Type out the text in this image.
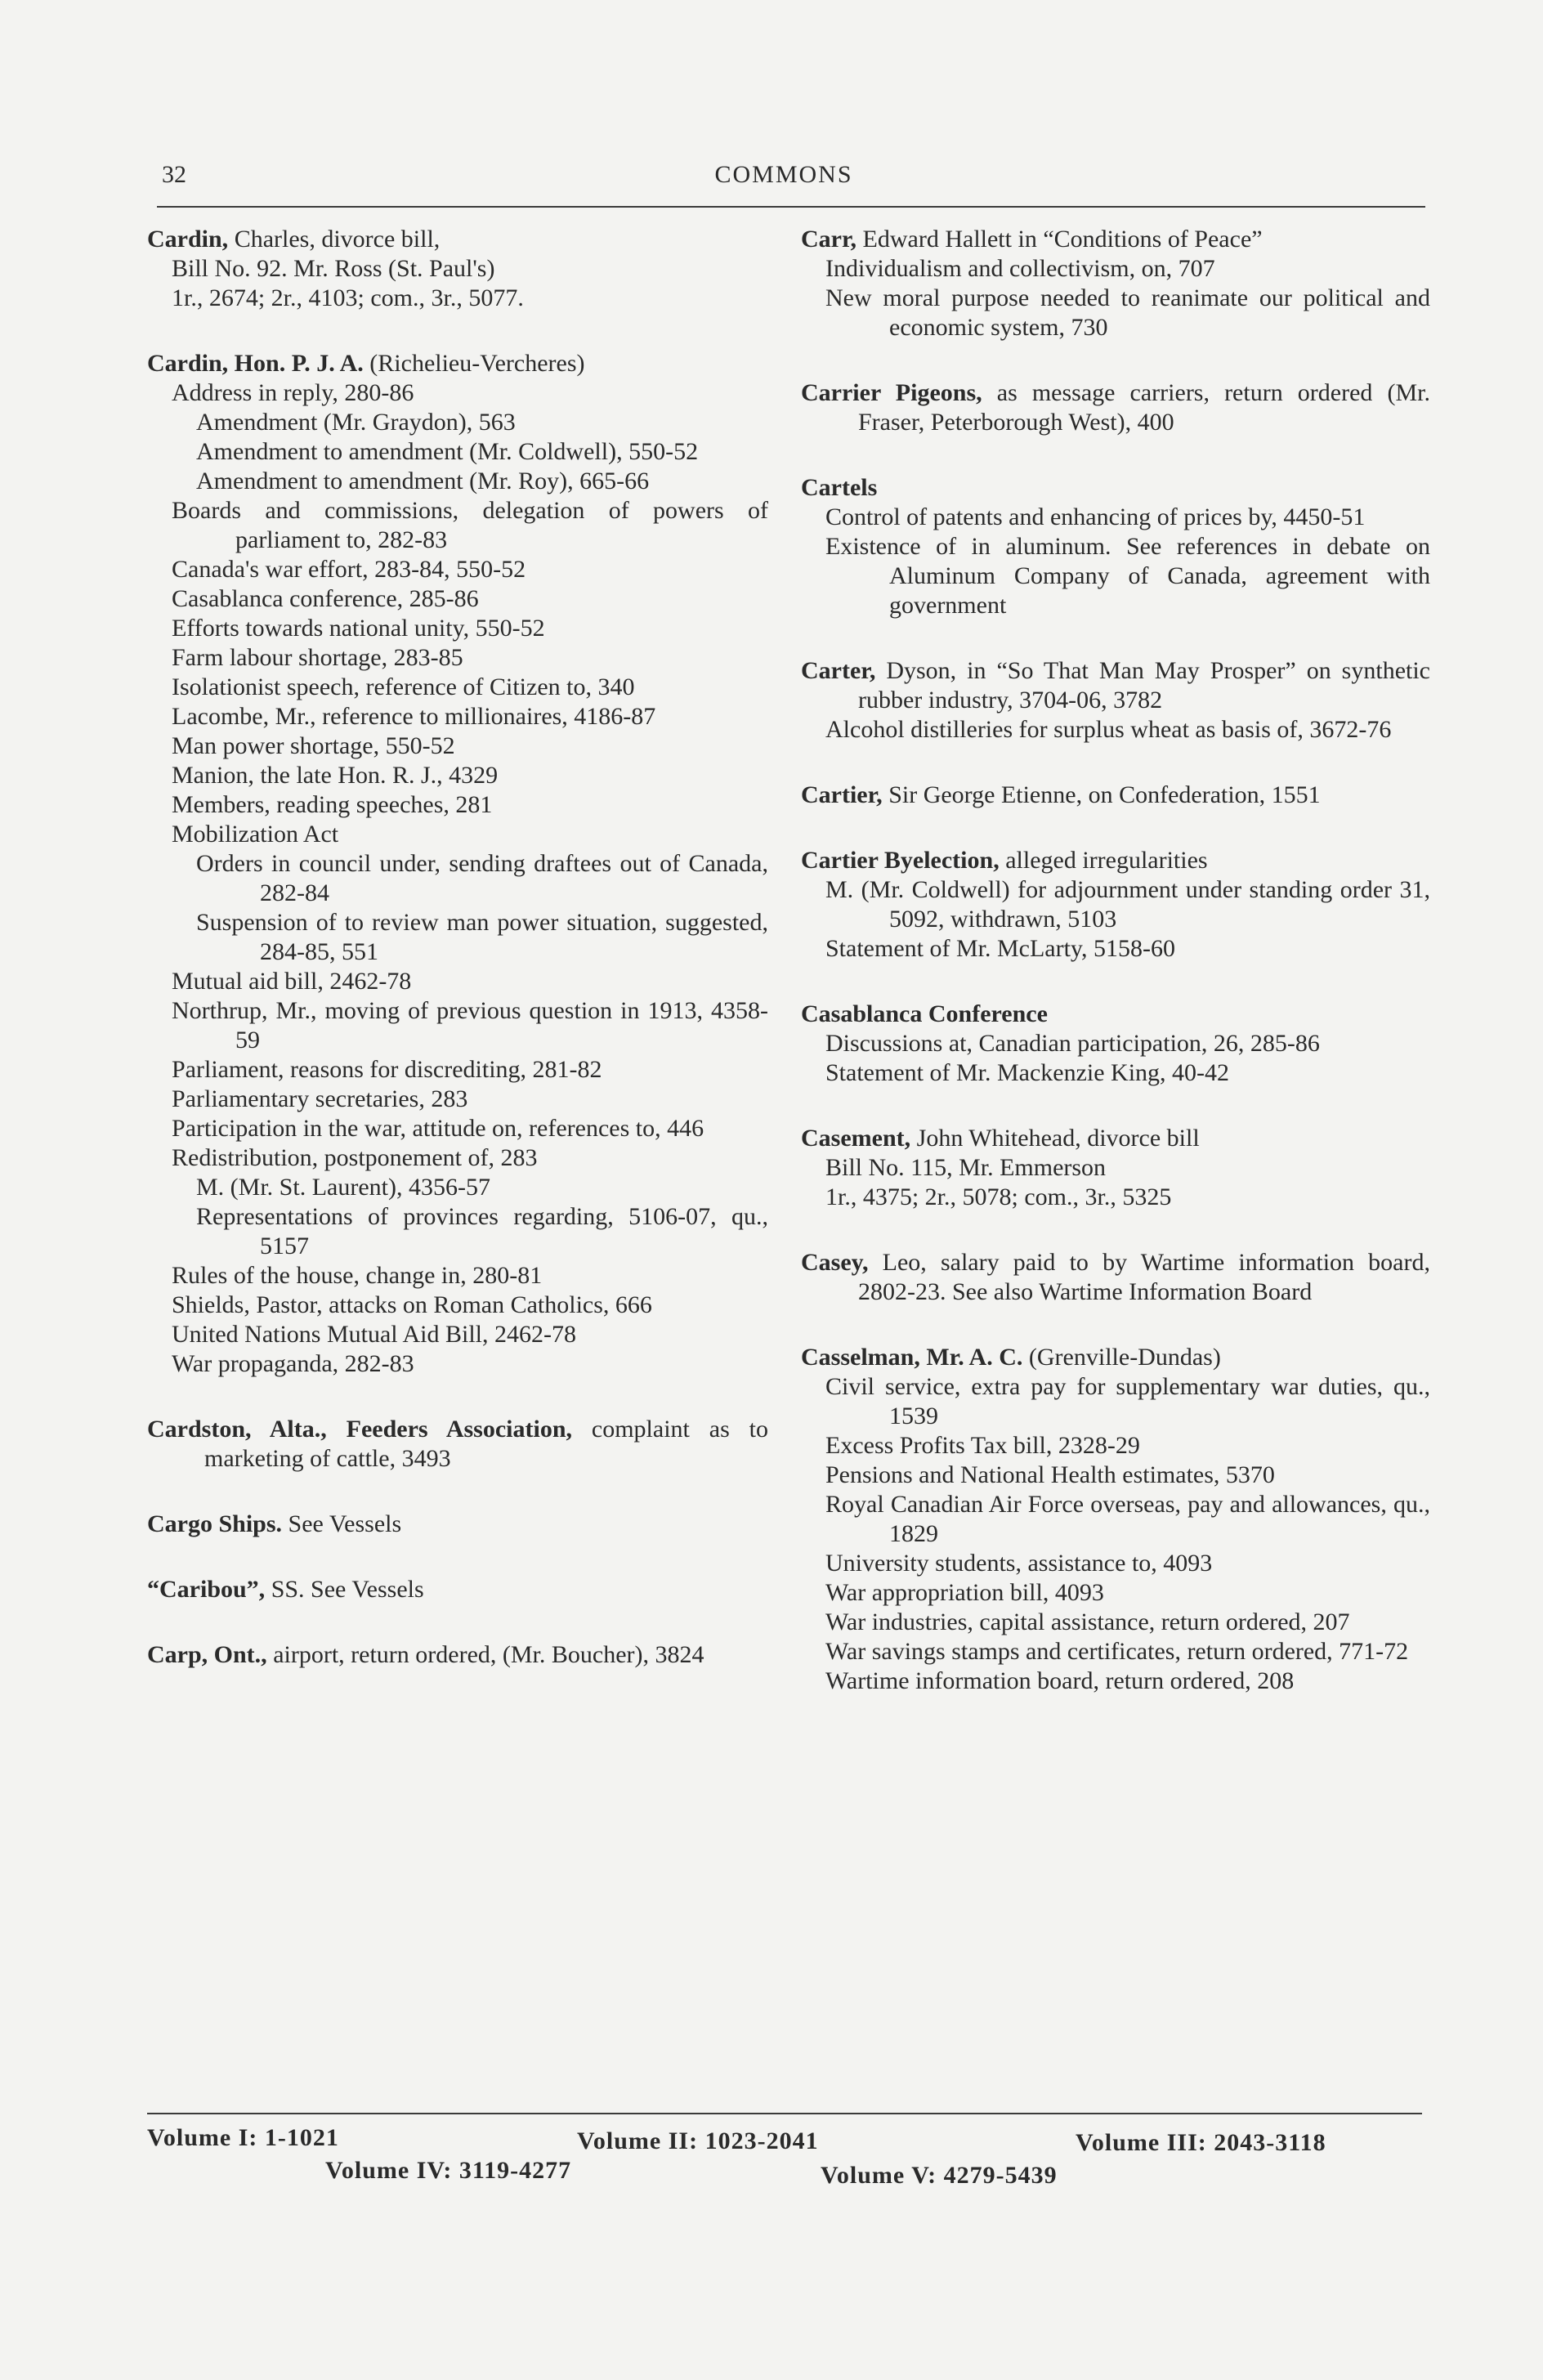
32	COMMONS
Cardin, Charles, divorce bill,
Bill No. 92. Mr. Ross (St. Paul's)
1r., 2674; 2r., 4103; com., 3r., 5077.
Cardin, Hon. P. J. A. (Richelieu-Vercheres)
Address in reply, 280-86
Amendment (Mr. Graydon), 563
Amendment to amendment (Mr. Coldwell), 550-52
Amendment to amendment (Mr. Roy), 665-66
Boards and commissions, delegation of powers of parliament to, 282-83
Canada's war effort, 283-84, 550-52
Casablanca conference, 285-86
Efforts towards national unity, 550-52
Farm labour shortage, 283-85
Isolationist speech, reference of Citizen to, 340
Lacombe, Mr., reference to millionaires, 4186-87
Man power shortage, 550-52
Manion, the late Hon. R. J., 4329
Members, reading speeches, 281
Mobilization Act
Orders in council under, sending draftees out of Canada, 282-84
Suspension of to review man power situation, suggested, 284-85, 551
Mutual aid bill, 2462-78
Northrup, Mr., moving of previous question in 1913, 4358-59
Parliament, reasons for discrediting, 281-82
Parliamentary secretaries, 283
Participation in the war, attitude on, references to, 446
Redistribution, postponement of, 283
M. (Mr. St. Laurent), 4356-57
Representations of provinces regarding, 5106-07, qu., 5157
Rules of the house, change in, 280-81
Shields, Pastor, attacks on Roman Catholics, 666
United Nations Mutual Aid Bill, 2462-78
War propaganda, 282-83
Cardston, Alta., Feeders Association, complaint as to marketing of cattle, 3493
Cargo Ships. See Vessels
“Caribou”, SS. See Vessels
Carp, Ont., airport, return ordered, (Mr. Boucher), 3824
Carr, Edward Hallett in “Conditions of Peace”
Individualism and collectivism, on, 707
New moral purpose needed to reanimate our political and economic system, 730
Carrier Pigeons, as message carriers, return ordered (Mr. Fraser, Peterborough West), 400
Cartels
Control of patents and enhancing of prices by, 4450-51
Existence of in aluminum. See references in debate on Aluminum Company of Canada, agreement with government
Carter, Dyson, in “So That Man May Prosper” on synthetic rubber industry, 3704-06, 3782
Alcohol distilleries for surplus wheat as basis of, 3672-76
Cartier, Sir George Etienne, on Confederation, 1551
Cartier Byelection, alleged irregularities
M. (Mr. Coldwell) for adjournment under standing order 31, 5092, withdrawn, 5103
Statement of Mr. McLarty, 5158-60
Casablanca Conference
Discussions at, Canadian participation, 26, 285-86
Statement of Mr. Mackenzie King, 40-42
Casement, John Whitehead, divorce bill
Bill No. 115, Mr. Emmerson
1r., 4375; 2r., 5078; com., 3r., 5325
Casey, Leo, salary paid to by Wartime information board, 2802-23. See also Wartime Information Board
Casselman, Mr. A. C. (Grenville-Dundas)
Civil service, extra pay for supplementary war duties, qu., 1539
Excess Profits Tax bill, 2328-29
Pensions and National Health estimates, 5370
Royal Canadian Air Force overseas, pay and allowances, qu., 1829
University students, assistance to, 4093
War appropriation bill, 4093
War industries, capital assistance, return ordered, 207
War savings stamps and certificates, return ordered, 771-72
Wartime information board, return ordered, 208
Volume I: 1-1021	Volume II: 1023-2041	Volume III: 2043-3118
Volume IV: 3119-4277	Volume V: 4279-5439
